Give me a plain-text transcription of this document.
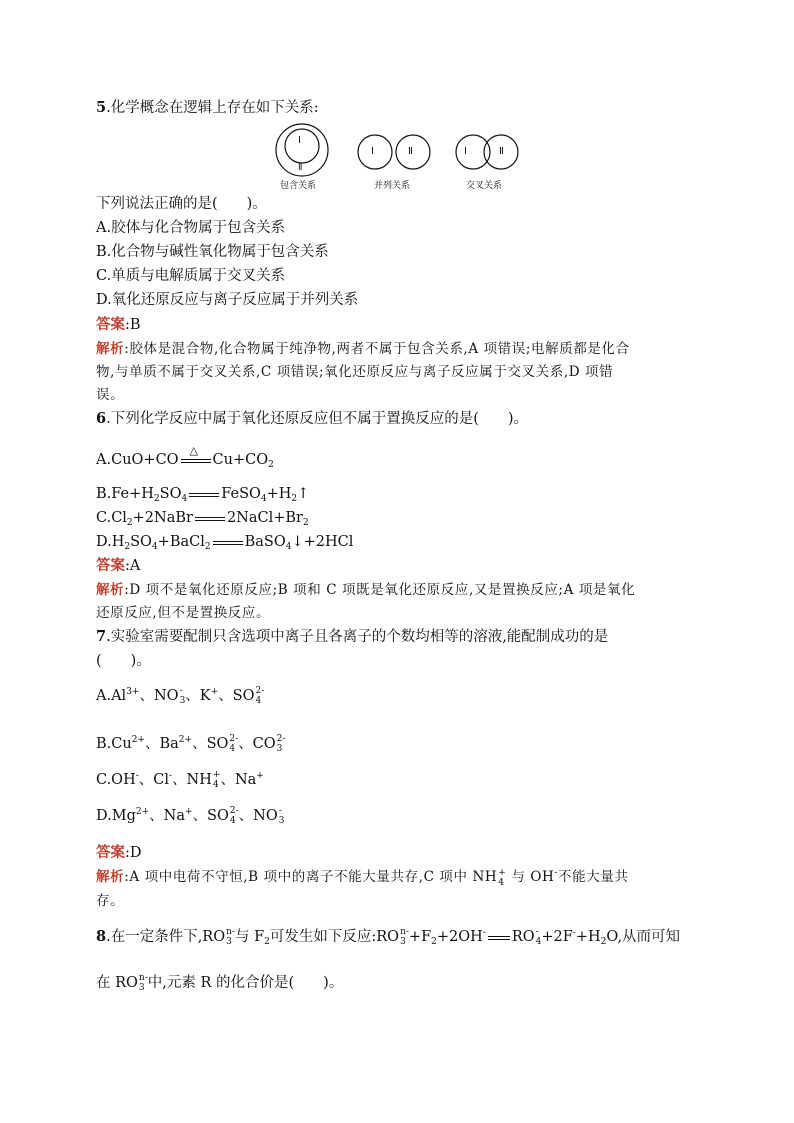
5.化学概念在逻辑上存在如下关系:
Ⅰ
Ⅱ
Ⅰ	Ⅱ	Ⅰ	Ⅱ
包含关系	并列关系	交叉关系
下列说法正确的是(　　)。
A.胶体与化合物属于包含关系
B.化合物与碱性氧化物属于包含关系
C.单质与电解质属于交叉关系
D.氧化还原反应与离子反应属于并列关系
答案:B
解析:胶体是混合物,化合物属于纯净物,两者不属于包含关系,A 项错误;电解质都是化合
物,与单质不属于交叉关系,C 项错误;氧化还原反应与离子反应属于交叉关系,D 项错
误。
6.下列化学反应中属于氧化还原反应但不属于置换反应的是(　　)。
A.CuO+CO
△
$Cu+CO_2$
$B.Fe+H_2SO_4$ $FeSO_4+H_2↑$
$C.Cl_2+2NaBr$ $2NaCl+Br_2$
$D.H_2SO_4+BaCl_2$ BaSO$_4$↓+2HCl
答案:A
解析:D 项不是氧化还原反应;B 项和 C 项既是氧化还原反应,又是置换反应;A 项是氧化
还原反应,但不是置换反应。
7.实验室需要配制只含选项中离子且各离子的个数均相等的溶液,能配制成功的是
(　　)。
$A.Al^{3+}$、NO -
3 、K+、SO 2-
4
$B.Cu^{2+}$、$Ba^{2+}$、SO 2-
4 、CO 2-
3
C.OH-、Cl-、NH +
4 、Na+
$D.Mg^{2+}$、Na+、SO 2-
4 、NO -
3
答案:D
解析:A 项中电荷不守恒,B 项中的离子不能大量共存,C 项中 NH +
4 与 OH-不能大量共
存。
8.在一定条件下,RO n-
3 与 $F_2$可发生如下反应:RO n-
$3 +F_2+2OH^-$ RO -
$4 +2F^-+H_2O$,从而可知
在 RO n-
3 中,元素 R 的化合价是(　　)。
